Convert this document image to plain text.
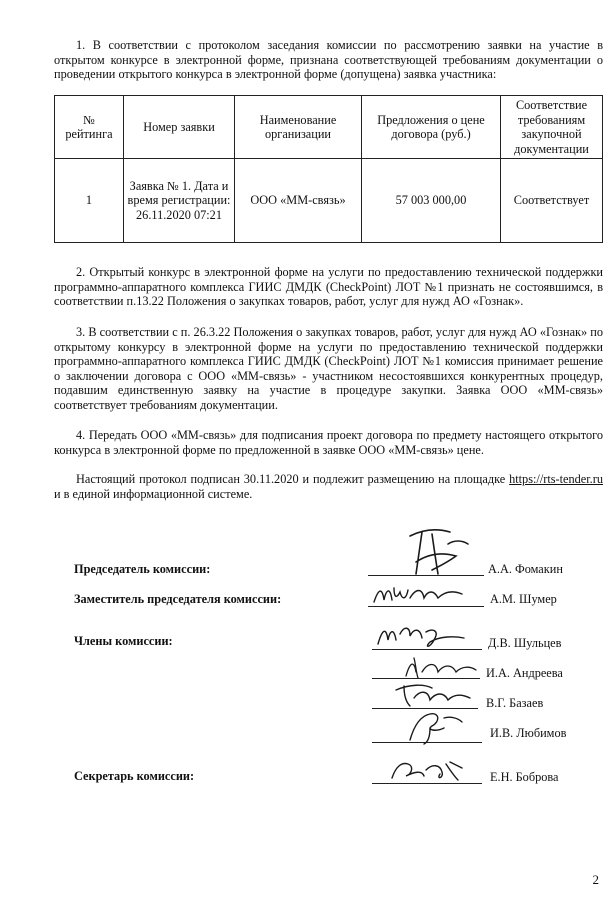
1. В соответствии с протоколом заседания комиссии по рассмотрению заявки на участие в открытом конкурсе в электронной форме, признана соответствующей требованиям документации о проведении открытого конкурса в электронной форме (допущена) заявка участника:
№ рейтинга	Номер заявки	Наименование организации	Предложения о цене договора (руб.)	Соответствие требованиям закупочной документации
1	Заявка № 1. Дата и время регистрации: 26.11.2020 07:21	ООО «ММ-связь»	57 003 000,00	Соответствует
2. Открытый конкурс в электронной форме на услуги по предоставлению технической поддержки программно-аппаратного комплекса ГИИС ДМДК (CheckPoint) ЛОТ №1 признать не состоявшимся, в соответствии п.13.22 Положения о закупках товаров, работ, услуг для нужд АО «Гознак».
3. В соответствии с п. 26.3.22 Положения о закупках товаров, работ, услуг для нужд АО «Гознак» по открытому конкурсу в электронной форме на услуги по предоставлению технической поддержки программно-аппаратного комплекса ГИИС ДМДК (CheckPoint) ЛОТ №1 комиссия принимает решение о заключении договора с ООО «ММ-связь» - участником несостоявшихся конкурентных процедур, подавшим единственную заявку на участие в процедуре закупки. Заявка ООО «ММ-связь» соответствует требованиям документации.
4. Передать ООО «ММ-связь» для подписания проект договора по предмету настоящего открытого конкурса в электронной форме по предложенной в заявке ООО «ММ-связь» цене.
Настоящий протокол подписан 30.11.2020 и подлежит размещению на площадке https://rts-tender.ru и в единой информационной системе.
Председатель комиссии:	А.А. Фомакин
Заместитель председателя комиссии:	А.М. Шумер
Члены комиссии:	Д.В. Шульцев
И.А. Андреева
В.Г. Базаев
И.В. Любимов
Секретарь комиссии:	Е.Н. Боброва
2
